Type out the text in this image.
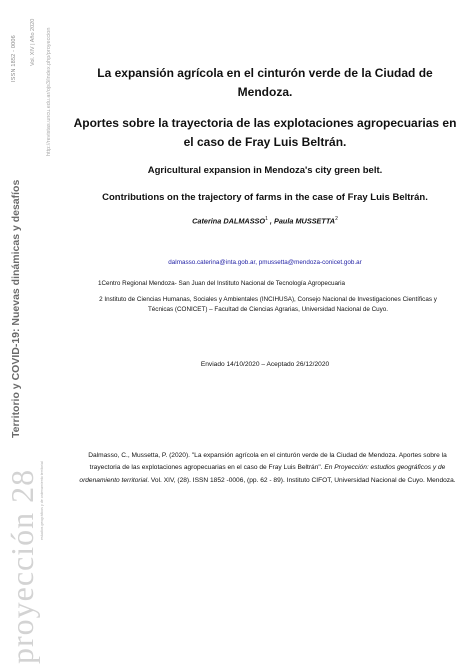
ISSN 1852 - 0006 Vol. XIV | Año 2020 http://revistas.uncu.edu.ar/ojs3/index.php/proyeccion
Territorio y COVID-19: Nuevas dinámicas y desafíos
proyección 28 estudios geográficos y de ordenamiento territorial
La expansión agrícola en el cinturón verde de la Ciudad de Mendoza.
Aportes sobre la trayectoria de las explotaciones agropecuarias en el caso de Fray Luis Beltrán.
Agricultural expansion in Mendoza's city green belt.
Contributions on the trajectory of farms in the case of Fray Luis Beltrán.
Caterina DALMASSO$^1$ , Paula MUSSETTA$^2$
dalmasso.caterina@inta.gob.ar, pmussetta@mendoza-conicet.gob.ar
1Centro Regional Mendoza- San Juan del Instituto Nacional de Tecnología Agropecuaria
2 Instituto de Ciencias Humanas, Sociales y Ambientales (INCIHUSA), Consejo Nacional de Investigaciones Científicas y Técnicas (CONICET) – Facultad de Ciencias Agrarias, Universidad Nacional de Cuyo.
Enviado 14/10/2020 – Aceptado 26/12/2020
Dalmasso, C., Mussetta, P. (2020). "La expansión agrícola en el cinturón verde de la Ciudad de Mendoza. Aportes sobre la trayectoria de las explotaciones agropecuarias en el caso de Fray Luis Beltrán". En Proyección: estudios geográficos y de ordenamiento territorial. Vol. XIV, (28). ISSN 1852 -0006, (pp. 62 - 89). Instituto CIFOT, Universidad Nacional de Cuyo. Mendoza.
